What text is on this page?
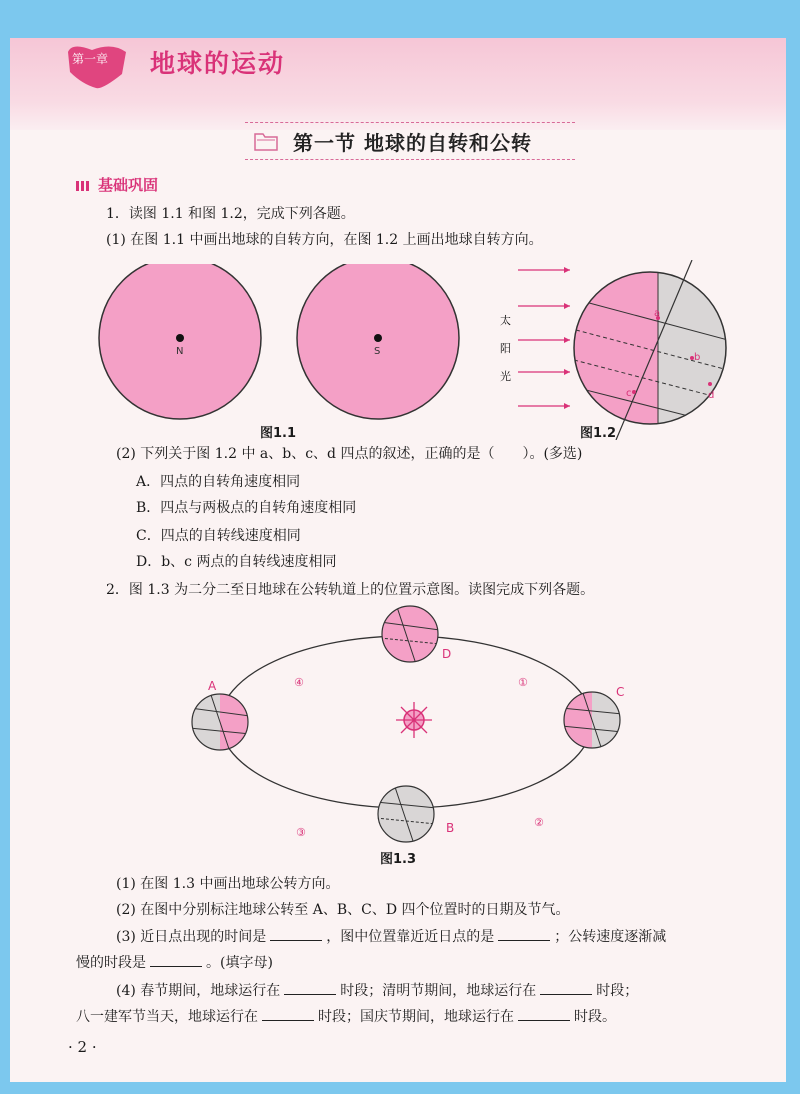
第一章 地球的运动
第一节 地球的自转和公转
基础巩固
1．读图 1.1 和图 1.2，完成下列各题。
(1) 在图 1.1 中画出地球的自转方向，在图 1.2 上画出地球自转方向。
N	S
图1.1
太
阳
光
a
b
c	d
图1.2
(2) 下列关于图 1.2 中 a、b、c、d 四点的叙述，正确的是（　　）。(多选)
A．四点的自转角速度相同
B．四点与两极点的自转角速度相同
C．四点的自转线速度相同
D．b、c 两点的自转线速度相同
2．图 1.3 为二分二至日地球在公转轨道上的位置示意图。读图完成下列各题。
D
A	C
B
①
②
③
④
图1.3
(1) 在图 1.3 中画出地球公转方向。
(2) 在图中分别标注地球公转至 A、B、C、D 四个位置时的日期及节气。
(3) 近日点出现的时间是	，图中位置靠近近日点的是	；公转速度逐渐减
慢的时段是	。(填字母)
(4) 春节期间，地球运行在	时段；清明节期间，地球运行在	时段；
八一建军节当天，地球运行在	时段；国庆节期间，地球运行在	时段。
· 2 ·
